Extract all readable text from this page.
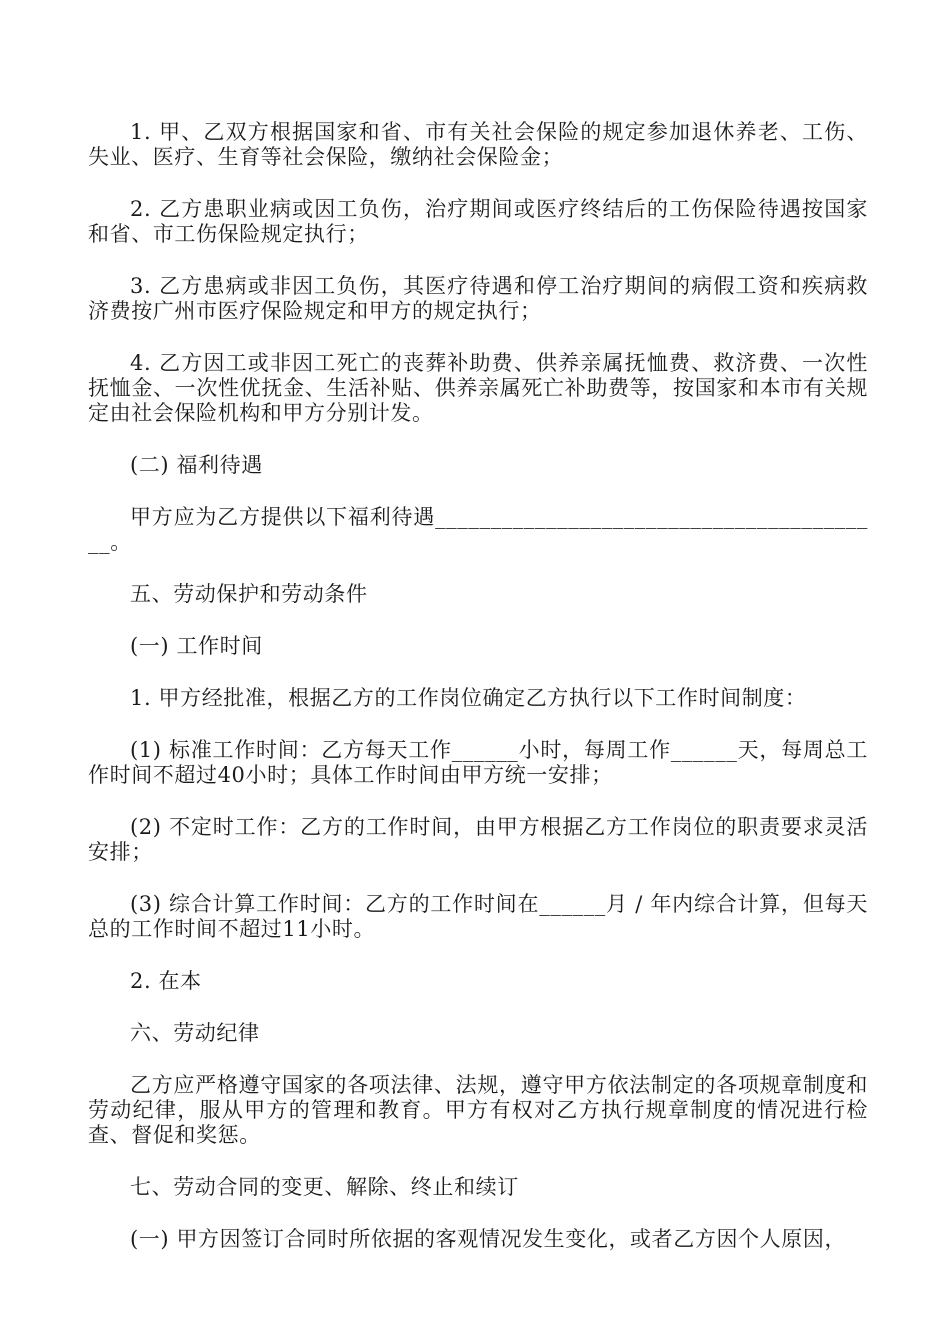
1. 甲、乙双方根据国家和省、市有关社会保险的规定参加退休养老、工伤、失业、医疗、生育等社会保险，缴纳社会保险金；

2. 乙方患职业病或因工负伤，治疗期间或医疗终结后的工伤保险待遇按国家和省、市工伤保险规定执行；

3. 乙方患病或非因工负伤，其医疗待遇和停工治疗期间的病假工资和疾病救济费按广州市医疗保险规定和甲方的规定执行；

4. 乙方因工或非因工死亡的丧葬补助费、供养亲属抚恤费、救济费、一次性抚恤金、一次性优抚金、生活补贴、供养亲属死亡补助费等，按国家和本市有关规定由社会保险机构和甲方分别计发。

(二) 福利待遇

甲方应为乙方提供以下福利待遇_________________________________________。

五、劳动保护和劳动条件

(一) 工作时间

1. 甲方经批准，根据乙方的工作岗位确定乙方执行以下工作时间制度：

(1) 标准工作时间：乙方每天工作______小时，每周工作______天，每周总工作时间不超过40小时；具体工作时间由甲方统一安排；

(2) 不定时工作：乙方的工作时间，由甲方根据乙方工作岗位的职责要求灵活安排；

(3) 综合计算工作时间：乙方的工作时间在______月 / 年内综合计算，但每天总的工作时间不超过11小时。

2. 在本

六、劳动纪律

乙方应严格遵守国家的各项法律、法规，遵守甲方依法制定的各项规章制度和劳动纪律，服从甲方的管理和教育。甲方有权对乙方执行规章制度的情况进行检查、督促和奖惩。

七、劳动合同的变更、解除、终止和续订

(一) 甲方因签订合同时所依据的客观情况发生变化，或者乙方因个人原因，
